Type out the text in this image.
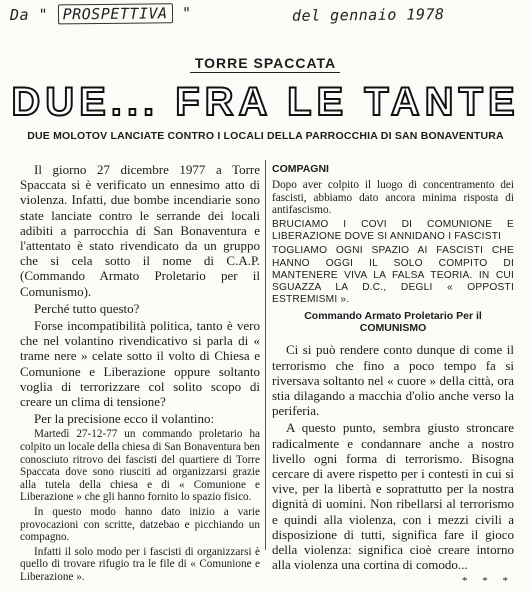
Da " PROSPETTIVA "	del gennaio 1978
TORRE SPACCATA
DUE... FRA LE TANTE
DUE MOLOTOV LANCIATE CONTRO I LOCALI DELLA PARROCCHIA DI SAN BONAVENTURA

Il giorno 27 dicembre 1977 a Torre Spaccata si è verificato un ennesimo atto di violenza. Infatti, due bombe incendiarie sono state lanciate contro le serrande dei locali adibiti a parrocchia di San Bonaventura e l'attentato è stato rivendicato da un gruppo che si cela sotto il nome di C.A.P. (Commando Armato Proletario per il Comunismo).

Perché tutto questo?

Forse incompatibilità politica, tanto è vero che nel volantino rivendicativo si parla di « trame nere » celate sotto il volto di Chiesa e Comunione e Liberazione oppure soltanto voglia di terrorizzare col solito scopo di creare un clima di tensione?

Per la precisione ecco il volantino:

Martedì 27-12-77 un commando proletario ha colpito un locale della chiesa di San Bonaventura ben conosciuto ritrovo dei fascisti del quartiere di Torre Spaccata dove sono riusciti ad organizzarsi grazie alla tutela della chiesa e di « Comunione e Liberazione » che gli hanno fornito lo spazio fisico.

In questo modo hanno dato inizio a varie provocazioni con scritte, datzebao e picchiando un compagno.

Infatti il solo modo per i fascisti di organizzarsi è quello di trovare rifugio tra le file di « Comunione e Liberazione ».

COMPAGNI

Dopo aver colpito il luogo di concentramento dei fascisti, abbiamo dato ancora minima risposta di antifascismo.

BRUCIAMO I COVI DI COMUNIONE E LIBERAZIONE DOVE SI ANNIDANO I FASCISTI

TOGLIAMO OGNI SPAZIO AI FASCISTI CHE HANNO OGGI IL SOLO COMPITO DI MANTENERE VIVA LA FALSA TEORIA. IN CUI SGUAZZA LA D.C., DEGLI « OPPOSTI ESTREMISMI ».

Commando Armato Proletario Per il COMUNISMO

Ci si può rendere conto dunque di come il terrorismo che fino a poco tempo fa si riversava soltanto nel « cuore » della città, ora stia dilagando a macchia d'olio anche verso la periferia.

A questo punto, sembra giusto stroncare radicalmente e condannare anche a nostro livello ogni forma di terrorismo. Bisogna cercare di avere rispetto per i contesti in cui si vive, per la libertà e soprattutto per la nostra dignità di uomini. Non ribellarsi al terrorismo e quindi alla violenza, con i mezzi civili a disposizione di tutti, significa fare il gioco della violenza: significa cioè creare intorno alla violenza una cortina di comodo...

* * *
